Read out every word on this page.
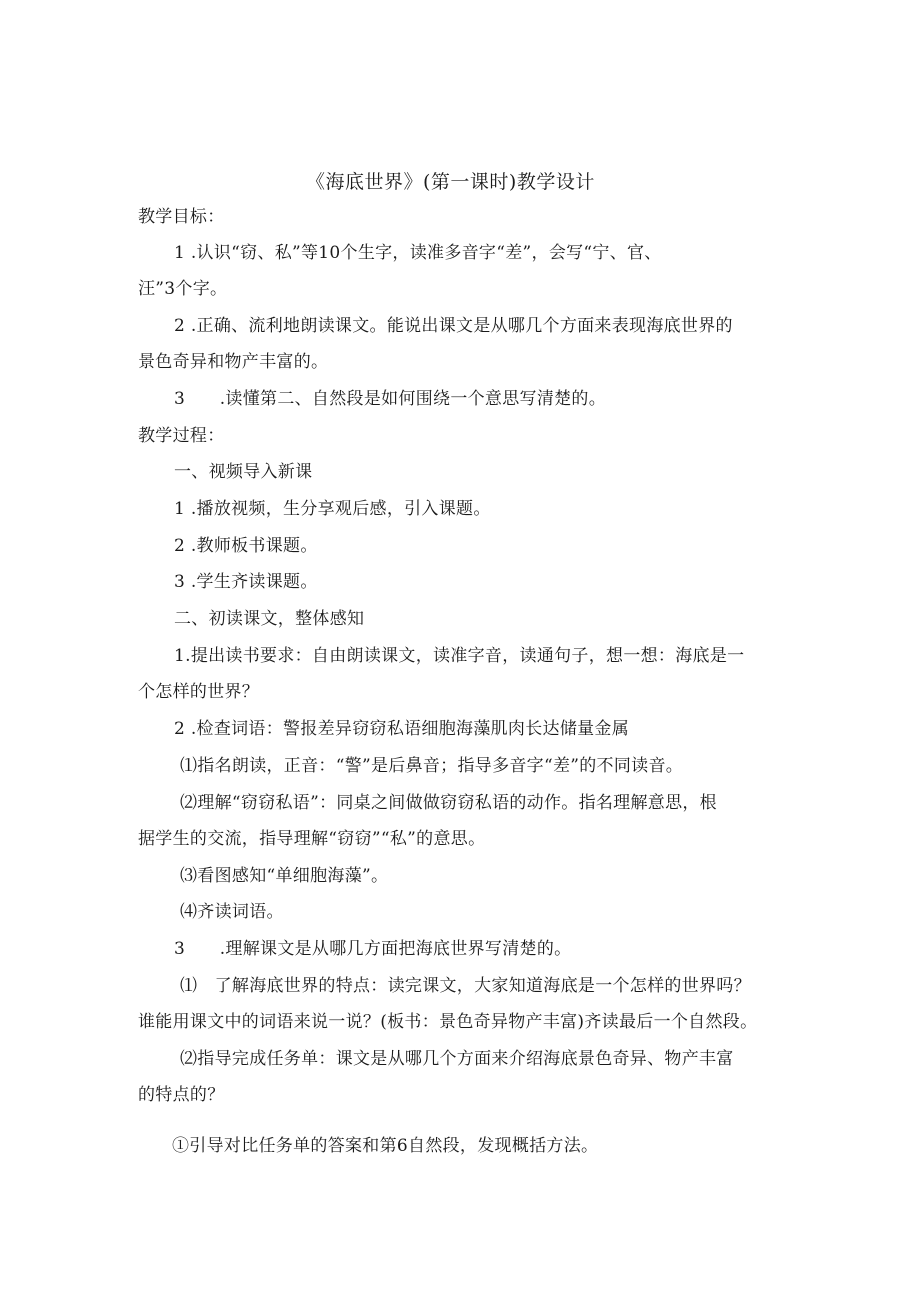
《海底世界》(第一课时)教学设计
教学目标：
1 .认识“窃、私”等10个生字，读准多音字“差”，会写“宁、官、
汪”3个字。
2 .正确、流利地朗读课文。能说出课文是从哪几个方面来表现海底世界的
景色奇异和物产丰富的。
3　　.读懂第二、自然段是如何围绕一个意思写清楚的。
教学过程：
一、视频导入新课
1 .播放视频，生分享观后感，引入课题。
2 .教师板书课题。
3 .学生齐读课题。
二、初读课文，整体感知
1.提出读书要求：自由朗读课文，读准字音，读通句子，想一想：海底是一
个怎样的世界？
2 .检查词语：警报差异窃窃私语细胞海藻肌肉长达储量金属
⑴指名朗读，正音：“警”是后鼻音；指导多音字“差”的不同读音。
⑵理解“窃窃私语”：同桌之间做做窃窃私语的动作。指名理解意思，根
据学生的交流，指导理解“窃窃”“私”的意思。
⑶看图感知“单细胞海藻”。
⑷齐读词语。
3　　.理解课文是从哪几方面把海底世界写清楚的。
⑴　了解海底世界的特点：读完课文，大家知道海底是一个怎样的世界吗？
谁能用课文中的词语来说一说？(板书：景色奇异物产丰富)齐读最后一个自然段。
⑵指导完成任务单：课文是从哪几个方面来介绍海底景色奇异、物产丰富
的特点的？
①引导对比任务单的答案和第6自然段，发现概括方法。
